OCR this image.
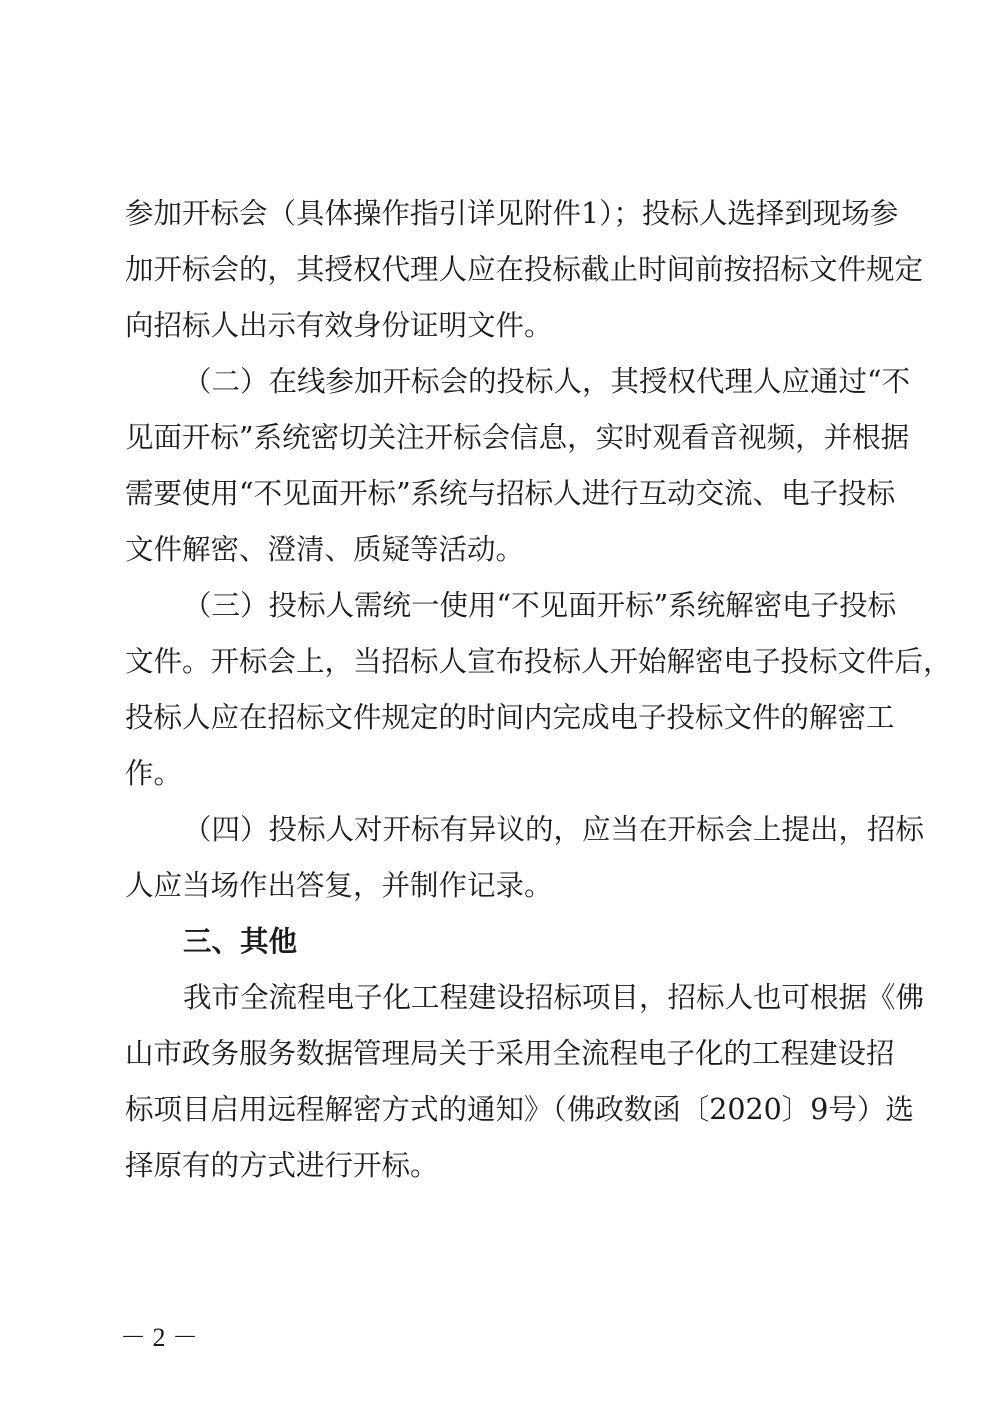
参加开标会（具体操作指引详见附件1）；投标人选择到现场参
加开标会的，其授权代理人应在投标截止时间前按招标文件规定
向招标人出示有效身份证明文件。
（二）在线参加开标会的投标人，其授权代理人应通过“不
见面开标”系统密切关注开标会信息，实时观看音视频，并根据
需要使用“不见面开标”系统与招标人进行互动交流、电子投标
文件解密、澄清、质疑等活动。
（三）投标人需统一使用“不见面开标”系统解密电子投标
文件。开标会上，当招标人宣布投标人开始解密电子投标文件后，
投标人应在招标文件规定的时间内完成电子投标文件的解密工
作。
（四）投标人对开标有异议的，应当在开标会上提出，招标
人应当场作出答复，并制作记录。
三、其他
我市全流程电子化工程建设招标项目，招标人也可根据《佛
山市政务服务数据管理局关于采用全流程电子化的工程建设招
标项目启用远程解密方式的通知》（佛政数函〔2020〕9号）选
择原有的方式进行开标。
－ 2 －
